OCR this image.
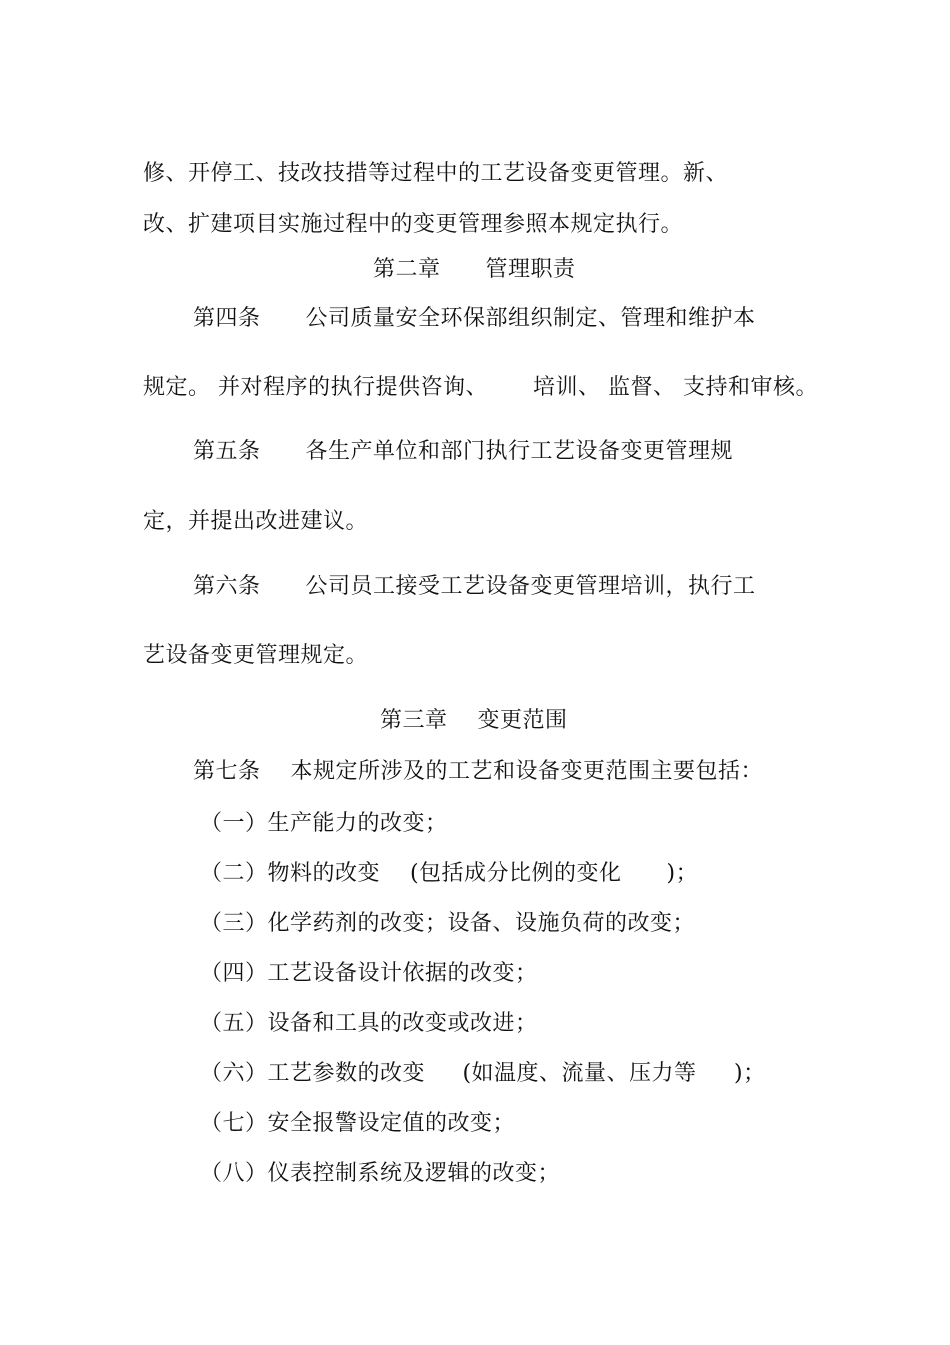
修、开停工、技改技措等过程中的工艺设备变更管理。新、
改、扩建项目实施过程中的变更管理参照本规定执行。
第二章      管理职责
第四条      公司质量安全环保部组织制定、管理和维护本
规定。 并对程序的执行提供咨询、      培训、 监督、 支持和审核。
第五条      各生产单位和部门执行工艺设备变更管理规
定，并提出改进建议。
第六条      公司员工接受工艺设备变更管理培训，执行工
艺设备变更管理规定。
第三章    变更范围
第七条    本规定所涉及的工艺和设备变更范围主要包括：
（一）生产能力的改变；
（二）物料的改变    (包括成分比例的变化      )；
（三）化学药剂的改变；设备、设施负荷的改变；
（四）工艺设备设计依据的改变；
（五）设备和工具的改变或改进；
（六）工艺参数的改变     (如温度、流量、压力等     )；
（七）安全报警设定值的改变；
（八）仪表控制系统及逻辑的改变；
